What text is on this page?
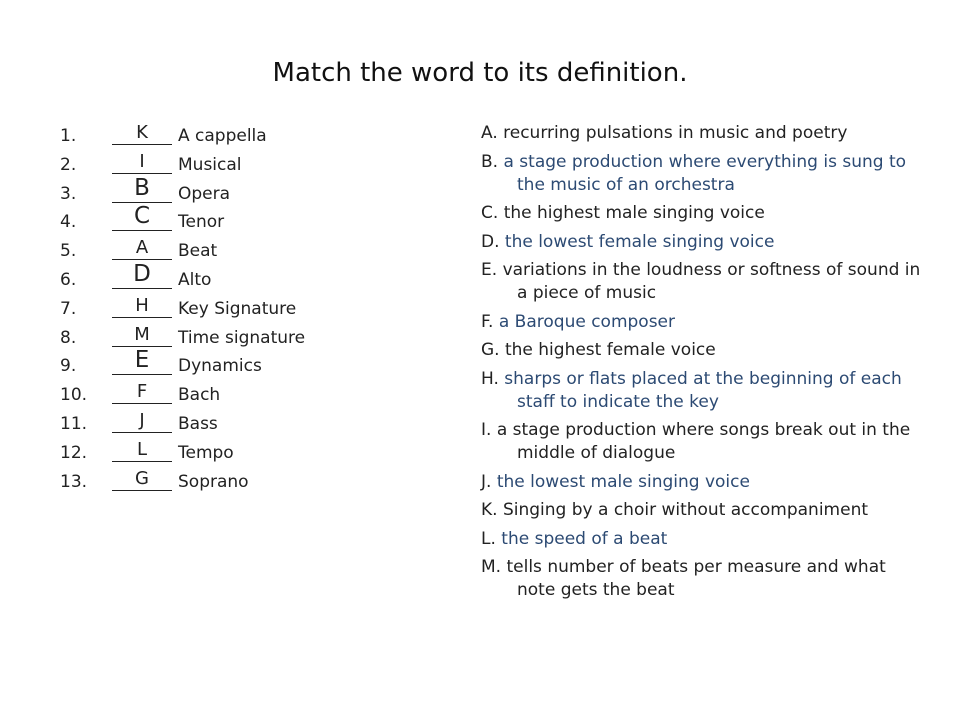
Match the word to its definition.
1.	K	A cappella
2.	I	Musical
3.	B	Opera
4.	C	Tenor
5.	A	Beat
6.	D	Alto
7.	H	Key Signature
8.	M	Time signature
9.	E	Dynamics
10.	F	Bach
11.	J	Bass
12.	L	Tempo
13.	G	Soprano
A. recurring pulsations in music and poetry
B. a stage production where everything is sung to the music of an orchestra
C. the highest male singing voice
D. the lowest female singing voice
E. variations in the loudness or softness of sound in a piece of music
F. a Baroque composer
G. the highest female voice
H. sharps or flats placed at the beginning of each staff to indicate the key
I. a stage production where songs break out in the middle of dialogue
J. the lowest male singing voice
K. Singing by a choir without accompaniment
L. the speed of a beat
M. tells number of beats per measure and what note gets the beat
